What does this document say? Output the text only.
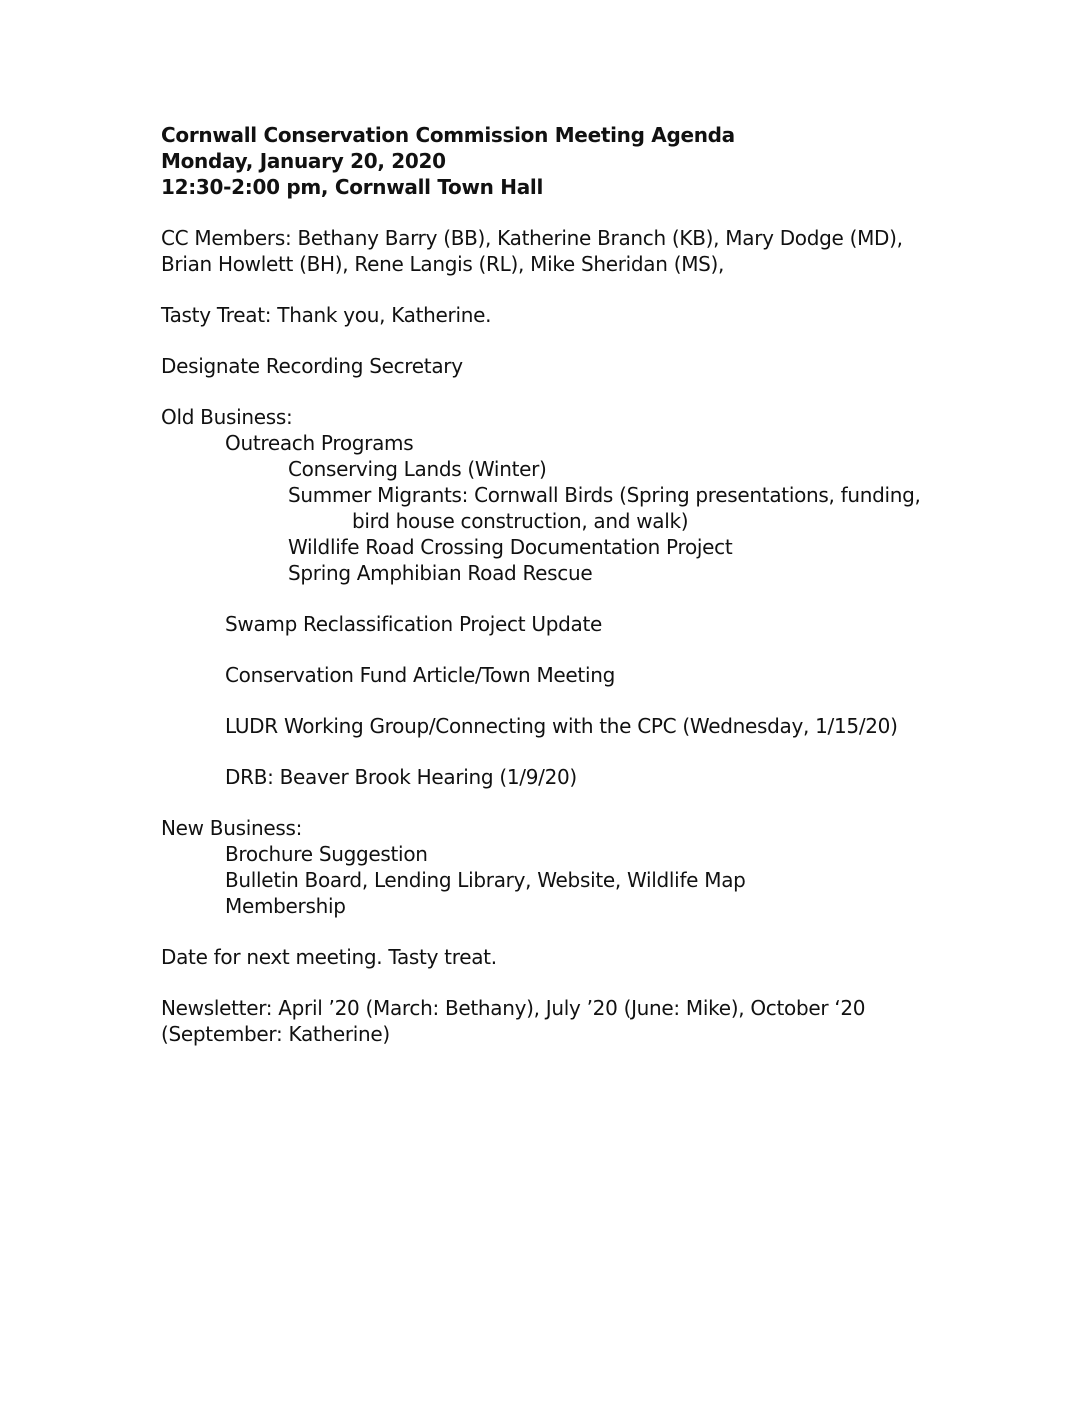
Cornwall Conservation Commission Meeting Agenda
Monday, January 20, 2020
12:30-2:00 pm, Cornwall Town Hall
CC Members: Bethany Barry (BB), Katherine Branch (KB), Mary Dodge (MD),
Brian Howlett (BH), Rene Langis (RL), Mike Sheridan (MS),
Tasty Treat: Thank you, Katherine.
Designate Recording Secretary
Old Business:
Outreach Programs
Conserving Lands (Winter)
Summer Migrants: Cornwall Birds (Spring presentations, funding,
bird house construction, and walk)
Wildlife Road Crossing Documentation Project
Spring Amphibian Road Rescue
Swamp Reclassification Project Update
Conservation Fund Article/Town Meeting
LUDR Working Group/Connecting with the CPC (Wednesday, 1/15/20)
DRB: Beaver Brook Hearing (1/9/20)
New Business:
Brochure Suggestion
Bulletin Board, Lending Library, Website, Wildlife Map
Membership
Date for next meeting. Tasty treat.
Newsletter: April ’20 (March: Bethany), July ’20 (June: Mike), October ‘20
(September: Katherine)
